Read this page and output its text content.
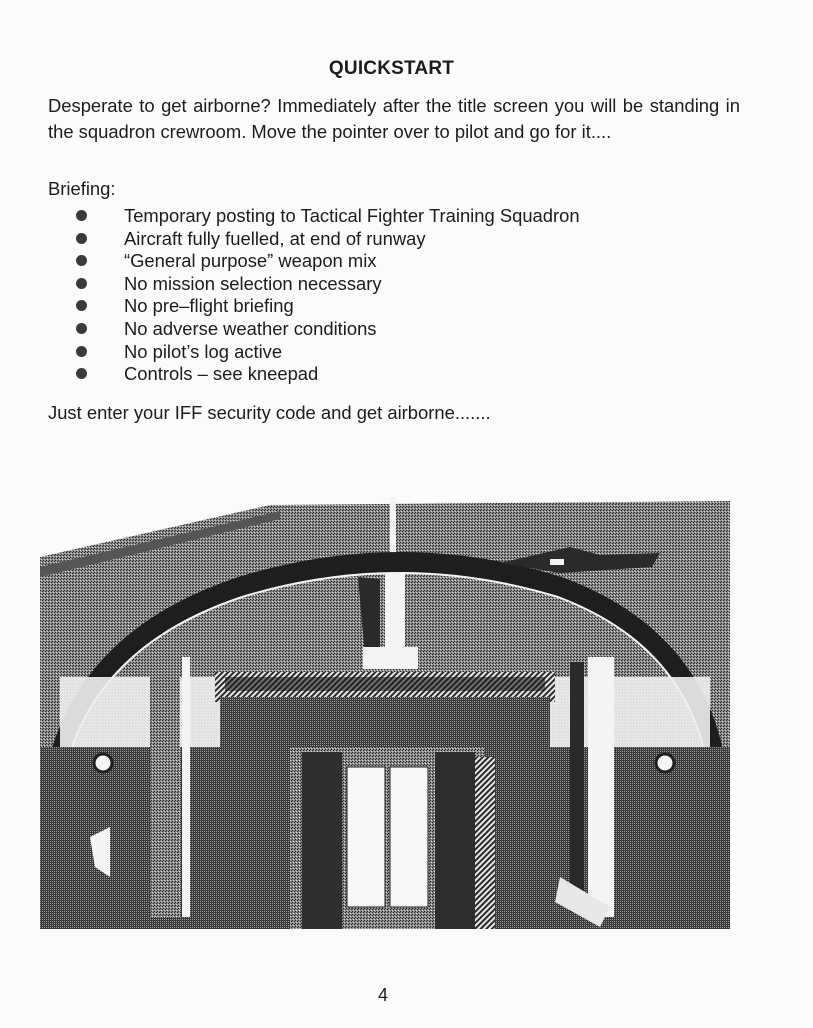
QUICKSTART
Desperate to get airborne? Immediately after the title screen you will be standing in the squadron crewroom. Move the pointer over to pilot and go for it....
Briefing:
Temporary posting to Tactical Fighter Training Squadron
Aircraft fully fuelled, at end of runway
“General purpose” weapon mix
No mission selection necessary
No pre–flight briefing
No adverse weather conditions
No pilot’s log active
Controls – see kneepad
Just enter your IFF security code and get airborne.......
4
